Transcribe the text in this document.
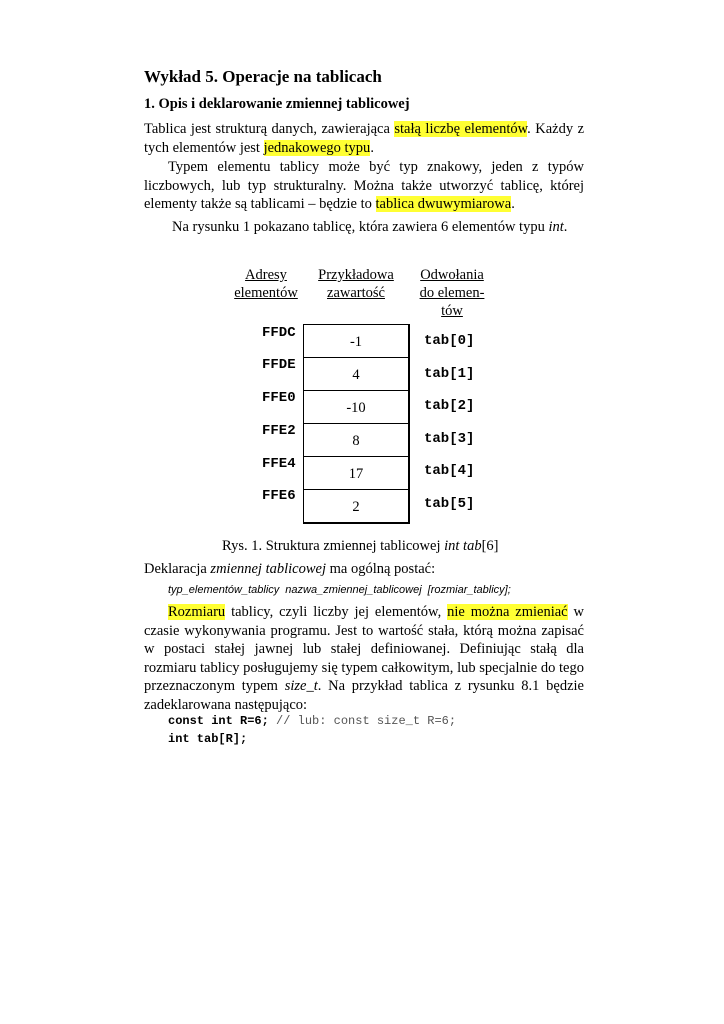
Wykład 5. Operacje na tablicach
1. Opis i deklarowanie zmiennej tablicowej
Tablica jest strukturą danych, zawierająca stałą liczbę elementów. Każdy z tych elementów jest jednakowego typu.
Typem elementu tablicy może być typ znakowy, jeden z typów liczbowych, lub typ strukturalny. Można także utworzyć tablicę, której elementy także są tablicami – będzie to tablica dwuwymiarowa.
Na rysunku 1 pokazano tablicę, która zawiera 6 elementów typu int.
Adresy elementów
Przykładowa zawartość
Odwołania do elemen- tów
FFDC
FFDE
FFE0
FFE2
FFE4
FFE6
-1
4
-10
8
17
2
tab[0]
tab[1]
tab[2]
tab[3]
tab[4]
tab[5]
Rys. 1. Struktura zmiennej tablicowej int tab[6]
Deklaracja zmiennej tablicowej ma ogólną postać:
typ_elementów_tablicy nazwa_zmiennej_tablicowej [rozmiar_tablicy];
Rozmiaru tablicy, czyli liczby jej elementów, nie można zmieniać w czasie wykonywania programu. Jest to wartość stała, którą można zapisać w postaci stałej jawnej lub stałej definiowanej. Definiując stałą dla rozmiaru tablicy posługujemy się typem całkowitym, lub specjalnie do tego przeznaczonym typem size_t. Na przykład tablica z rysunku 8.1 będzie zadeklarowana następująco:
const int R=6; // lub: const size_t R=6;
int tab[R];
